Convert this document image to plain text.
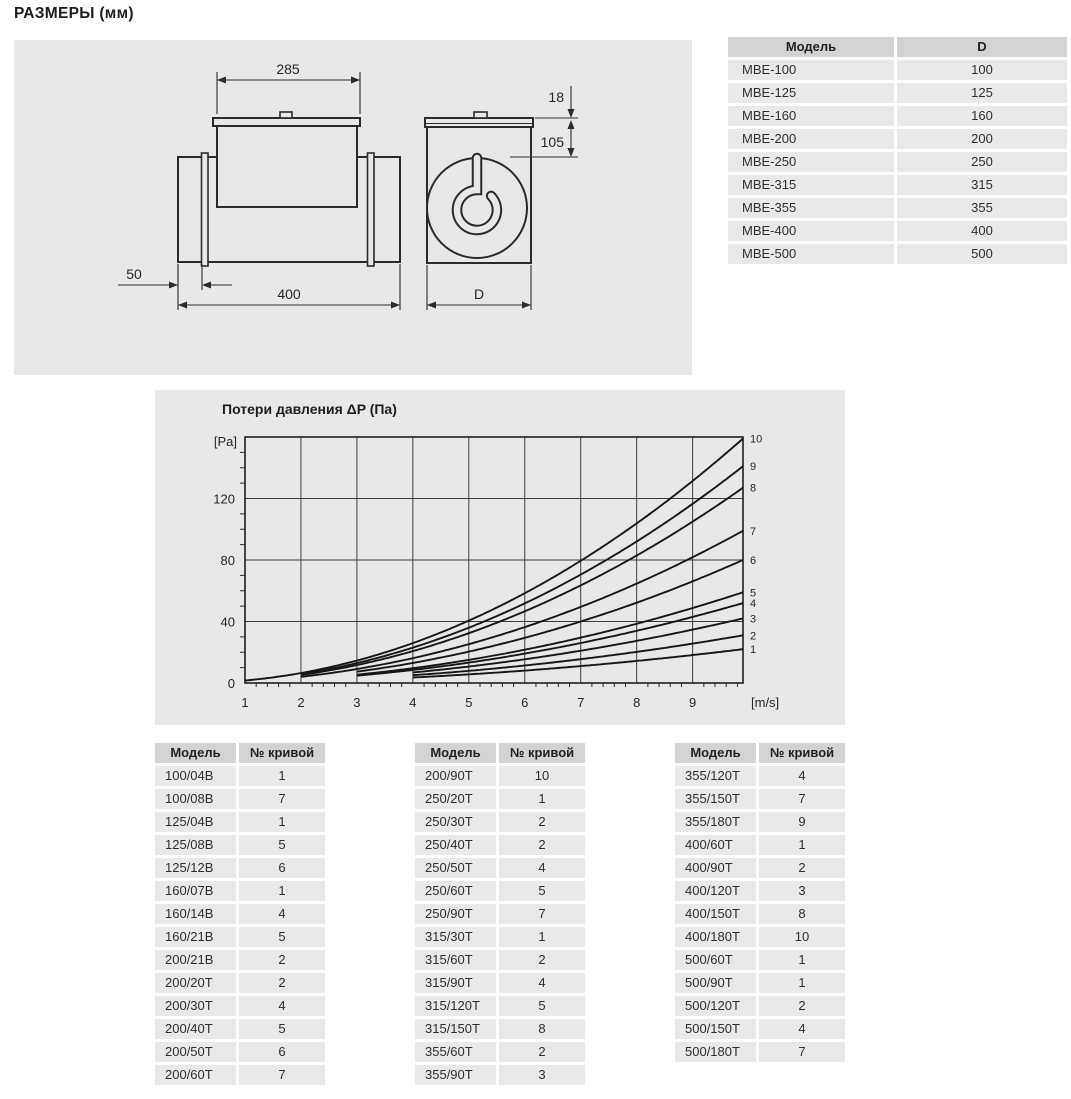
РАЗМЕРЫ (мм)
285
50
400
18
105
D
Модель	D
МВЕ-100	100
МВЕ-125	125
МВЕ-160	160
МВЕ-200	200
МВЕ-250	250
МВЕ-315	315
МВЕ-355	355
МВЕ-400	400
МВЕ-500	500
Потери давления ΔP (Па)
1	2	3	4	5	6	7	8	9
0
40
80
120
[Pa]
[m/s]
1
2
3
4
5
6
7
8
9
10
Модель	№ кривой
100/04В	1
100/08В	7
125/04В	1
125/08В	5
125/12В	6
160/07В	1
160/14В	4
160/21В	5
200/21В	2
200/20Т	2
200/30Т	4
200/40Т	5
200/50Т	6
200/60Т	7
Модель	№ кривой
200/90Т	10
250/20Т	1
250/30Т	2
250/40Т	2
250/50Т	4
250/60Т	5
250/90Т	7
315/30Т	1
315/60Т	2
315/90Т	4
315/120Т	5
315/150Т	8
355/60Т	2
355/90Т	3
Модель	№ кривой
355/120Т	4
355/150Т	7
355/180Т	9
400/60Т	1
400/90Т	2
400/120Т	3
400/150Т	8
400/180Т	10
500/60Т	1
500/90Т	1
500/120Т	2
500/150Т	4
500/180Т	7
